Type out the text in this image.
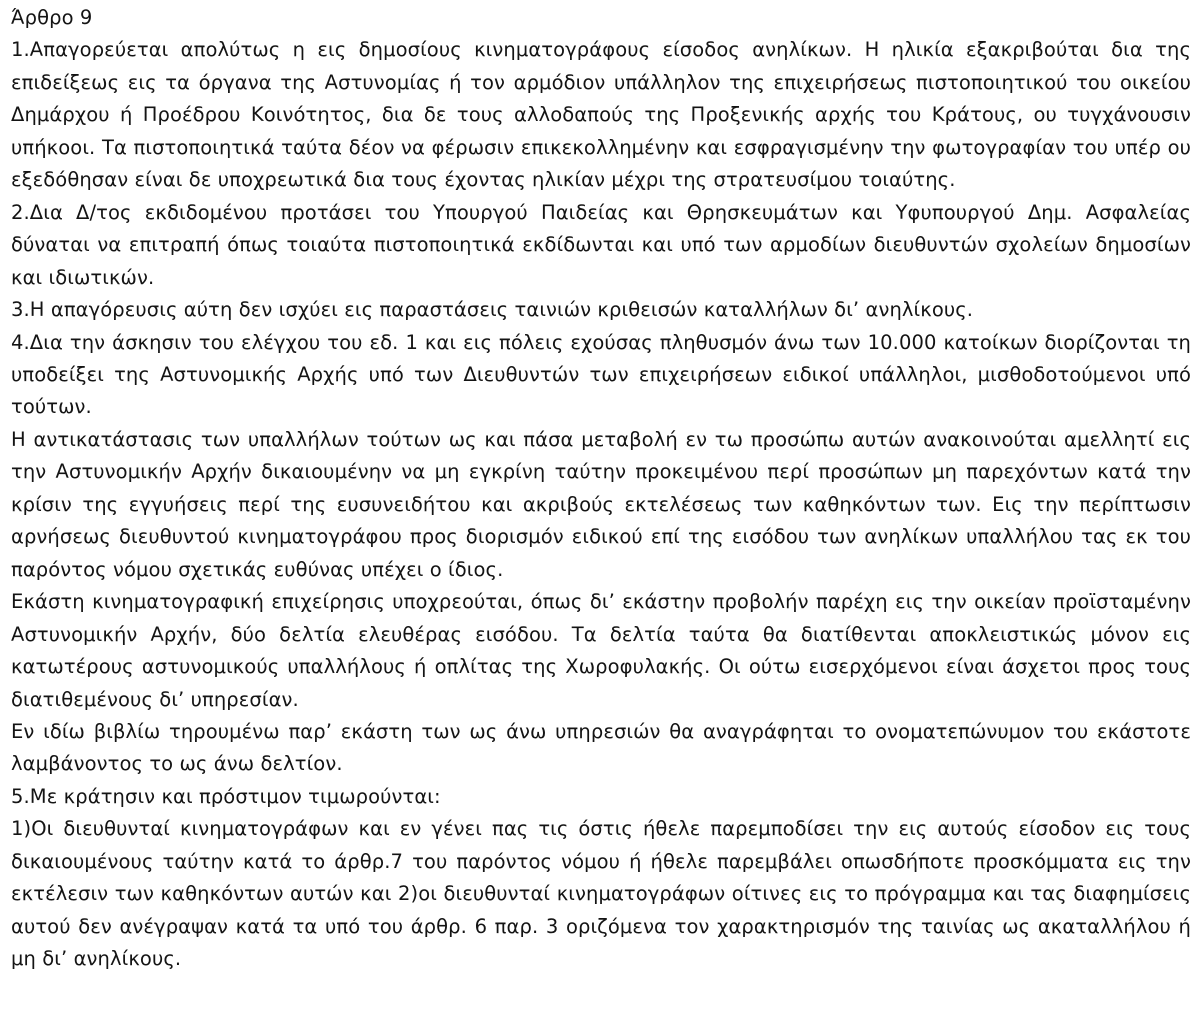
Άρθρο 9

1.Απαγορεύεται απολύτως η εις δημοσίους κινηματογράφους είσοδος ανηλίκων. Η ηλικία εξακριβούται δια της επιδείξεως εις τα όργανα της Αστυνομίας ή τον αρμόδιον υπάλληλον της επιχειρήσεως πιστοποιητικού του οικείου Δημάρχου ή Προέδρου Κοινότητος, δια δε τους αλλοδαπούς της Προξενικής αρχής του Κράτους, ου τυγχάνουσιν υπήκοοι. Τα πιστοποιητικά ταύτα δέον να φέρωσιν επικεκολλημένην και εσφραγισμένην την φωτογραφίαν του υπέρ ου εξεδόθησαν είναι δε υποχρεωτικά δια τους έχοντας ηλικίαν μέχρι της στρατευσίμου τοιαύτης.

2.Δια Δ/τος εκδιδομένου προτάσει του Υπουργού Παιδείας και Θρησκευμάτων και Υφυπουργού Δημ. Ασφαλείας δύναται να επιτραπή όπως τοιαύτα πιστοποιητικά εκδίδωνται και υπό των αρμοδίων διευθυντών σχολείων δημοσίων και ιδιωτικών.

3.Η απαγόρευσις αύτη δεν ισχύει εις παραστάσεις ταινιών κριθεισών καταλλήλων δι’ ανηλίκους.

4.Δια την άσκησιν του ελέγχου του εδ. 1 και εις πόλεις εχούσας πληθυσμόν άνω των 10.000 κατοίκων διορίζονται τη υποδείξει της Αστυνομικής Αρχής υπό των Διευθυντών των επιχειρήσεων ειδικοί υπάλληλοι, μισθοδοτούμενοι υπό τούτων.

Η αντικατάστασις των υπαλλήλων τούτων ως και πάσα μεταβολή εν τω προσώπω αυτών ανακοινούται αμελλητί εις την Αστυνομικήν Αρχήν δικαιουμένην να μη εγκρίνη ταύτην προκειμένου περί προσώπων μη παρεχόντων κατά την κρίσιν της εγγυήσεις περί της ευσυνειδήτου και ακριβούς εκτελέσεως των καθηκόντων των. Εις την περίπτωσιν αρνήσεως διευθυντού κινηματογράφου προς διορισμόν ειδικού επί της εισόδου των ανηλίκων υπαλλήλου τας εκ του παρόντος νόμου σχετικάς ευθύνας υπέχει ο ίδιος.

Εκάστη κινηματογραφική επιχείρησις υποχρεούται, όπως δι’ εκάστην προβολήν παρέχη εις την οικείαν προϊσταμένην Αστυνομικήν Αρχήν, δύο δελτία ελευθέρας εισόδου. Τα δελτία ταύτα θα διατίθενται αποκλειστικώς μόνον εις κατωτέρους αστυνομικούς υπαλλήλους ή οπλίτας της Χωροφυλακής. Οι ούτω εισερχόμενοι είναι άσχετοι προς τους διατιθεμένους δι’ υπηρεσίαν.

Εν ιδίω βιβλίω τηρουμένω παρ’ εκάστη των ως άνω υπηρεσιών θα αναγράφηται το ονοματεπώνυμον του εκάστοτε λαμβάνοντος το ως άνω δελτίον.

5.Με κράτησιν και πρόστιμον τιμωρούνται:

1)Οι διευθυνταί κινηματογράφων και εν γένει πας τις όστις ήθελε παρεμποδίσει την εις αυτούς είσοδον εις τους δικαιουμένους ταύτην κατά το άρθρ.7 του παρόντος νόμου ή ήθελε παρεμβάλει οπωσδήποτε προσκόμματα εις την εκτέλεσιν των καθηκόντων αυτών και 2)οι διευθυνταί κινηματογράφων οίτινες εις το πρόγραμμα και τας διαφημίσεις αυτού δεν ανέγραψαν κατά τα υπό του άρθρ. 6 παρ. 3 οριζόμενα τον χαρακτηρισμόν της ταινίας ως ακαταλλήλου ή μη δι’ ανηλίκους.
